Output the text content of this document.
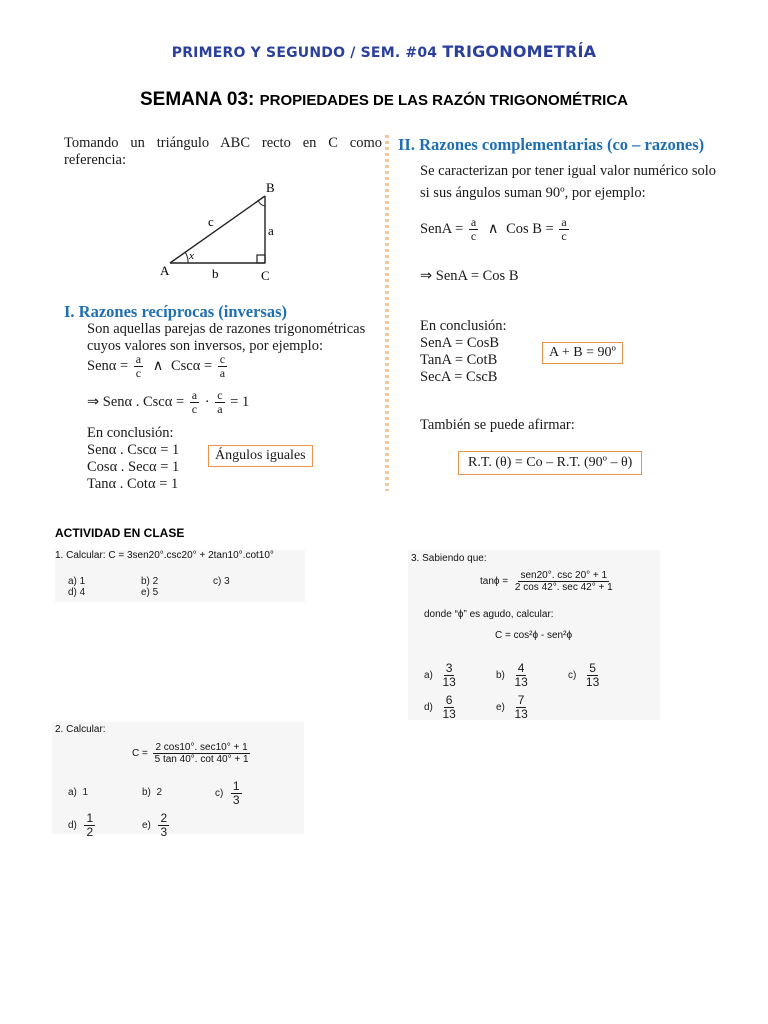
PRIMERO Y SEGUNDO / SEM. #04 TRIGONOMETRÍA
SEMANA 03: PROPIEDADES DE LAS RAZÓN TRIGONOMÉTRICA
Tomando un triángulo ABC recto en C como referencia:
A
B
C
a
b
c
x
I. Razones recíprocas (inversas)
Son aquellas parejas de razones trigonométricas cuyos valores son inversos, por ejemplo:
$Sen\alpha = \frac{a}{c}$ ∧ $Csc\alpha = \frac{c}{a}$
⇒ Senα . $Csc\alpha = \frac{a}{c} \cdot \frac{c}{a} = 1$
En conclusión:
Senα . Cscα = 1
Cosα . Secα = 1
Tanα . Cotα = 1
Ángulos iguales
II. Razones complementarias (co – razones)
Se caracterizan por tener igual valor numérico solo si sus ángulos suman 90º, por ejemplo:
SenA = $\frac{a}{c}$ ∧ Cos $B = \frac{a}{c}$
⇒ SenA = Cos B
En conclusión:
SenA = CosB
TanA = CotB
SecA = CscB
A + B = 90º
También se puede afirmar:
R.T. (θ) = Co – R.T. (90º – θ)
ACTIVIDAD EN CLASE
1. Calcular: C = 3sen20°.csc20° + 2tan10°.cot10°
a) 1	b) 2	c) 3
d) 4	e) 5
2. Calcular:
$C = \frac{2 \cos 10^\circ. \sec 10^\circ + 1}{5 \tan 40^\circ. \cot 40^\circ + 1}$
a) 1	b) 2	$c) \frac{1}{3}$
$d) \frac{1}{2}$	$e) \frac{2}{3}$
3. Sabiendo que:
$\tan\phi = \frac{\text{sen20°. csc 20° + 1}}{2 \cos 42^\circ. \sec 42^\circ + 1}$
donde “ϕ” es agudo, calcular:
C = cos²ϕ - sen²ϕ
$a) \frac{3}{13}$	$b) \frac{4}{13}$	$c) \frac{5}{13}$
$d) \frac{6}{13}$	$e) \frac{7}{13}$
